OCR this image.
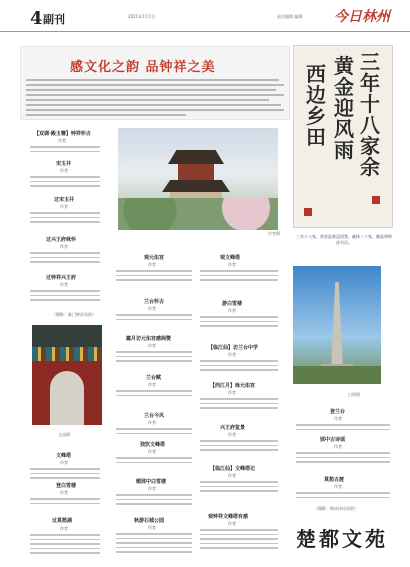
4 副刊	2021年7月1日	责任编辑 编辑 今日林州
感文化之韵 品钟祥之美	三年十八家余
黄金迎风雨
西边乡田
三年十八家，黄金迎着浸渍我。颜体三十家，颇是辨钟祥书法。
作者摄
【双调·殿玉簪】钟祥怀古
作者
宋玉井
作者
过宋玉井
作者
过兴王府咏怀
作者
过钟祥兴王府
作者
（摄影：陈门钟祥采供）
文庙摄
文峰塔
作者
登白雪楼
作者
过莫愁湖
作者
观元佑宫
作者
兰台怀古
作者
露月访元佑宫感阁赞
作者
兰台赋
作者
兰台今风
作者
独饮文峰塔
作者
题郢中白雪楼
作者
秋游石城公园
作者
观文峰塔
作者
游白雪楼
作者
【临江仙】访兰台中学
作者
【西江月】咏元佑宫
作者
兴王府览景
作者
【临江仙】文峰塔记
作者
观钟祥文峰塔有感
作者
白塔摄
登兰台
作者
郢中古诗谣
作者
莫愁古渡
作者
（摄影：钟祥诗词采供）
楚都文苑
